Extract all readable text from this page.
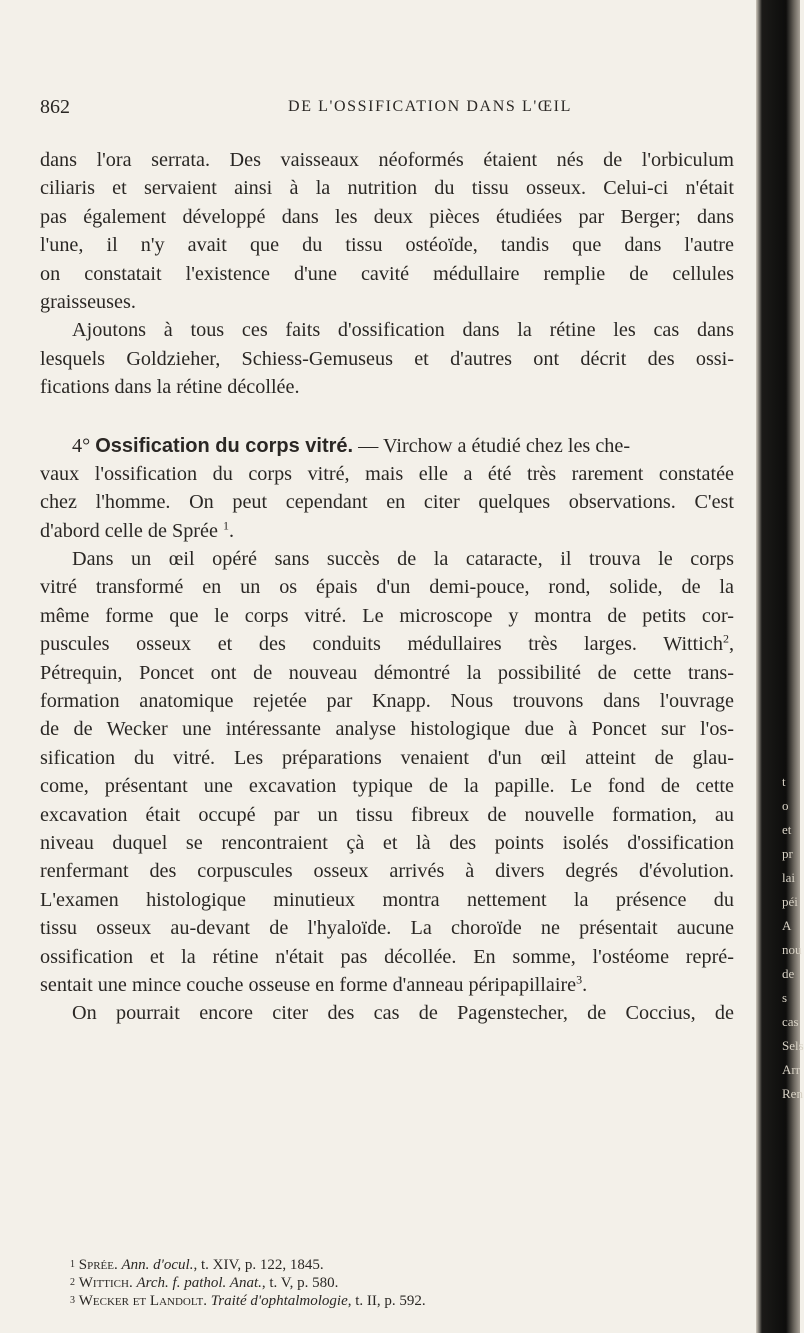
862	DE L'OSSIFICATION DANS L'ŒIL
dans l'ora serrata. Des vaisseaux néoformés étaient nés de l'orbiculum
ciliaris et servaient ainsi à la nutrition du tissu osseux. Celui-ci n'était
pas également développé dans les deux pièces étudiées par Berger; dans
l'une, il n'y avait que du tissu ostéoïde, tandis que dans l'autre
on constatait l'existence d'une cavité médullaire remplie de cellules
graisseuses.
Ajoutons à tous ces faits d'ossification dans la rétine les cas dans
lesquels Goldzieher, Schiess-Gemuseus et d'autres ont décrit des ossi-
fications dans la rétine décollée.
4° Ossification du corps vitré. — Virchow a étudié chez les che-
vaux l'ossification du corps vitré, mais elle a été très rarement constatée
chez l'homme. On peut cependant en citer quelques observations. C'est
d'abord celle de Sprée $^1$.
Dans un œil opéré sans succès de la cataracte, il trouva le corps
vitré transformé en un os épais d'un demi-pouce, rond, solide, de la
même forme que le corps vitré. Le microscope y montra de petits cor-
puscules osseux et des conduits médullaires très larges. Wittich$^2$,
Pétrequin, Poncet ont de nouveau démontré la possibilité de cette trans-
formation anatomique rejetée par Knapp. Nous trouvons dans l'ouvrage
de de Wecker une intéressante analyse histologique due à Poncet sur l'os-
sification du vitré. Les préparations venaient d'un œil atteint de glau-
come, présentant une excavation typique de la papille. Le fond de cette
excavation était occupé par un tissu fibreux de nouvelle formation, au
niveau duquel se rencontraient çà et là des points isolés d'ossification
renfermant des corpuscules osseux arrivés à divers degrés d'évolution.
L'examen histologique minutieux montra nettement la présence du
tissu osseux au-devant de l'hyaloïde. La choroïde ne présentait aucune
ossification et la rétine n'était pas décollée. En somme, l'ostéome repré-
sentait une mince couche osseuse en forme d'anneau péripapillaire$^3$.
On pourrait encore citer des cas de Pagenstecher, de Coccius, de
$^1$ Sprée. Ann. d'ocul., t. XIV, p. 122, 1845.
$^2$ Wittich. Arch. f. pathol. Anat., t. V, p. 580.
$^3$ Wecker et Landolt. Traité d'ophtalmologie, t. II, p. 592.
t
o
et
pr
lai
péi
A
nou
de s
cas
Sels
Arr
Ren
